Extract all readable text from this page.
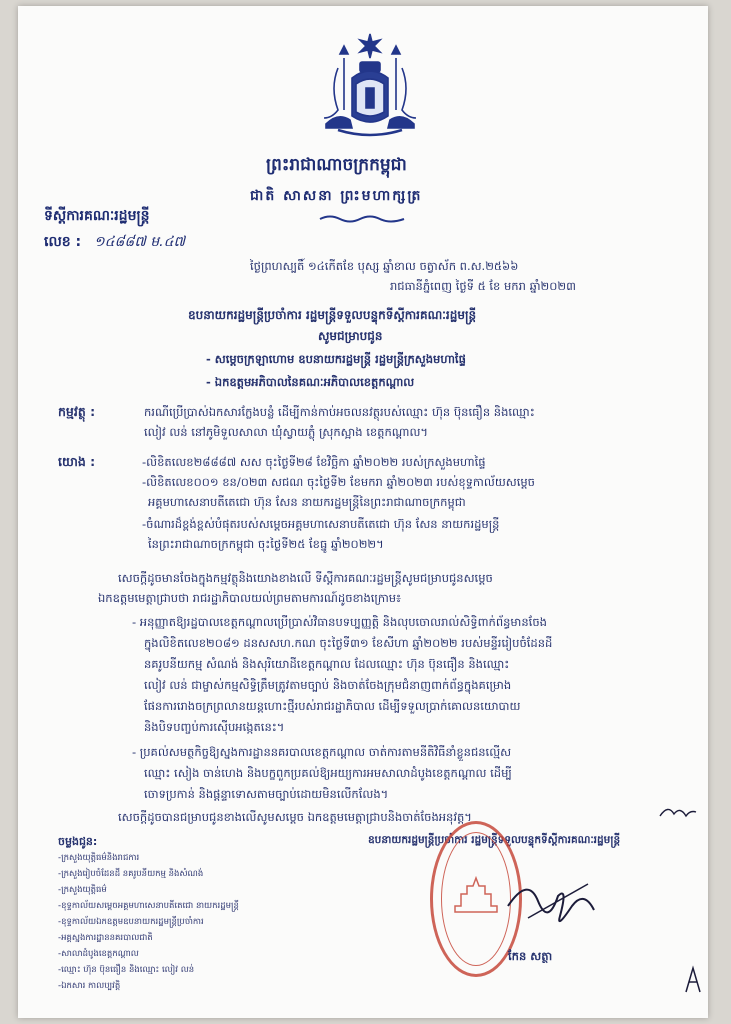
ព្រះរាជាណាចក្រកម្ពុជា
ជាតិ សាសនា ព្រះមហាក្សត្រ
ទីស្តីការគណៈរដ្ឋមន្ត្រី
លេខ : ១៤៨៨៧ ម.៤៧
ថ្ងៃព្រហស្បតិ៍ ១៤កើតខែ បុស្ស ឆ្នាំខាល ចត្វាស័ក ព.ស.២៥៦៦
រាជធានីភ្នំពេញ ថ្ងៃទី ៥ ខែ មករា ឆ្នាំ២០២៣
ឧបនាយករដ្ឋមន្ត្រីប្រចាំការ រដ្ឋមន្ត្រីទទួលបន្ទុកទីស្តីការគណៈរដ្ឋមន្ត្រី
សូមជម្រាបជូន
- សម្តេចក្រឡាហោម ឧបនាយករដ្ឋមន្ត្រី រដ្ឋមន្ត្រីក្រសួងមហាផ្ទៃ
- ឯកឧត្តមអភិបាលនៃគណៈអភិបាលខេត្តកណ្តាល
កម្មវត្ថុ :	ករណីប្រើប្រាស់ឯកសារក្លែងបន្លំ ដើម្បីកាន់កាប់អចលនវត្ថុរបស់ឈ្មោះ ហ៊ុន ប៊ុនធឿន និងឈ្មោះ
លៀវ លន់ នៅភូមិទួលសាលា ឃុំស្វាយភ្លុំ ស្រុកស្អាង ខេត្តកណ្តាល។
យោង :	-លិខិតលេខ២៨៨៨៧ សស ចុះថ្ងៃទី២៨ ខែវិច្ឆិកា ឆ្នាំ២០២២ របស់ក្រសួងមហាផ្ទៃ
-លិខិតលេខ០០១ ខន/០២៣ សជណ ចុះថ្ងៃទី២ ខែមករា ឆ្នាំ២០២៣ របស់ខុទ្ទកាល័យសម្តេច
អគ្គមហាសេនាបតីតេជោ ហ៊ុន សែន នាយករដ្ឋមន្ត្រីនៃព្រះរាជាណាចក្រកម្ពុជា
-ចំណារដ៏ខ្ពង់ខ្ពស់បំផុតរបស់សម្តេចអគ្គមហាសេនាបតីតេជោ ហ៊ុន សែន នាយករដ្ឋមន្ត្រី
នៃព្រះរាជាណាចក្រកម្ពុជា ចុះថ្ងៃទី២៥ ខែធ្នូ ឆ្នាំ២០២២។
សេចក្តីដូចមានចែងក្នុងកម្មវត្ថុនិងយោងខាងលើ ទីស្តីការគណៈរដ្ឋមន្ត្រីសូមជម្រាបជូនសម្តេច
ឯកឧត្តមមេត្តាជ្រាបថា រាជរដ្ឋាភិបាលយល់ព្រមតាមការណ៍ដូចខាងក្រោម៖
- អនុញ្ញាតឱ្យរដ្ឋបាលខេត្តកណ្តាលប្រើប្រាស់វិធានបទប្បញ្ញត្តិ និងលុបចោលរាល់សិទ្ធិពាក់ព័ន្ធមានចែង
ក្នុងលិខិតលេខ២០៨១ ដនសសហ.កណ ចុះថ្ងៃទី៣១ ខែសីហា ឆ្នាំ២០២២ របស់មន្ទីររៀបចំដែនដី
នគរូបនីយកម្ម សំណង់ និងសុរិយោដីខេត្តកណ្តាល ដែលឈ្មោះ ហ៊ុន ប៊ុនធឿន និងឈ្មោះ
លៀវ លន់ ជាម្ចាស់កម្មសិទ្ធិត្រឹមត្រូវតាមច្បាប់ និងចាត់ចែងក្រុមជំនាញពាក់ព័ន្ធក្នុងគម្រោង
ផែនការរោងចក្រព្រលានយន្តហោះថ្មីរបស់រាជរដ្ឋាភិបាល ដើម្បីទទួលប្រាក់គោលនយោបាយ
និងបិទបញ្ចប់ការស៊ើបអង្កេតនេះ។
- ប្រគល់សមត្ថកិច្ចឱ្យស្នងការដ្ឋាននគរបាលខេត្តកណ្តាល ចាត់ការតាមនីតិវិធីនាំខ្លួនជនល្មើស
ឈ្មោះ សៀង ចាន់ហេង និងបក្ខពួកប្រគល់ឱ្យអយ្យការអមសាលាដំបូងខេត្តកណ្តាល ដើម្បី
ចោទប្រកាន់ និងផ្តន្ទាទោសតាមច្បាប់ដោយមិនលើកលែង។
សេចក្តីដូចបានជម្រាបជូនខាងលើសូមសម្តេច ឯកឧត្តមមេត្តាជ្រាបនិងចាត់ចែងអនុវត្ត។
ឧបនាយករដ្ឋមន្ត្រីប្រចាំការ រដ្ឋមន្ត្រីទទួលបន្ទុកទីស្តីការគណៈរដ្ឋមន្ត្រី
កែន សត្ថា
ចម្លងជូន:
-ក្រសួងយុត្តិធម៌និងរាជការ
-ក្រសួងរៀបចំដែនដី នគរូបនីយកម្ម និងសំណង់
-ក្រសួងយុត្តិធម៌
-ខុទ្ទកាល័យសម្តេចអគ្គមហាសេនាបតីតេជោ នាយករដ្ឋមន្ត្រី
-ខុទ្ទកាល័យឯកឧត្តមឧបនាយករដ្ឋមន្ត្រីប្រចាំការ
-អគ្គស្នងការដ្ឋាននគរបាលជាតិ
-សាលាដំបូងខេត្តកណ្តាល
-ឈ្មោះ ហ៊ុន ប៊ុនធឿន និងឈ្មោះ លៀវ លន់
-ឯកសារ កាលប្បវត្តិ
